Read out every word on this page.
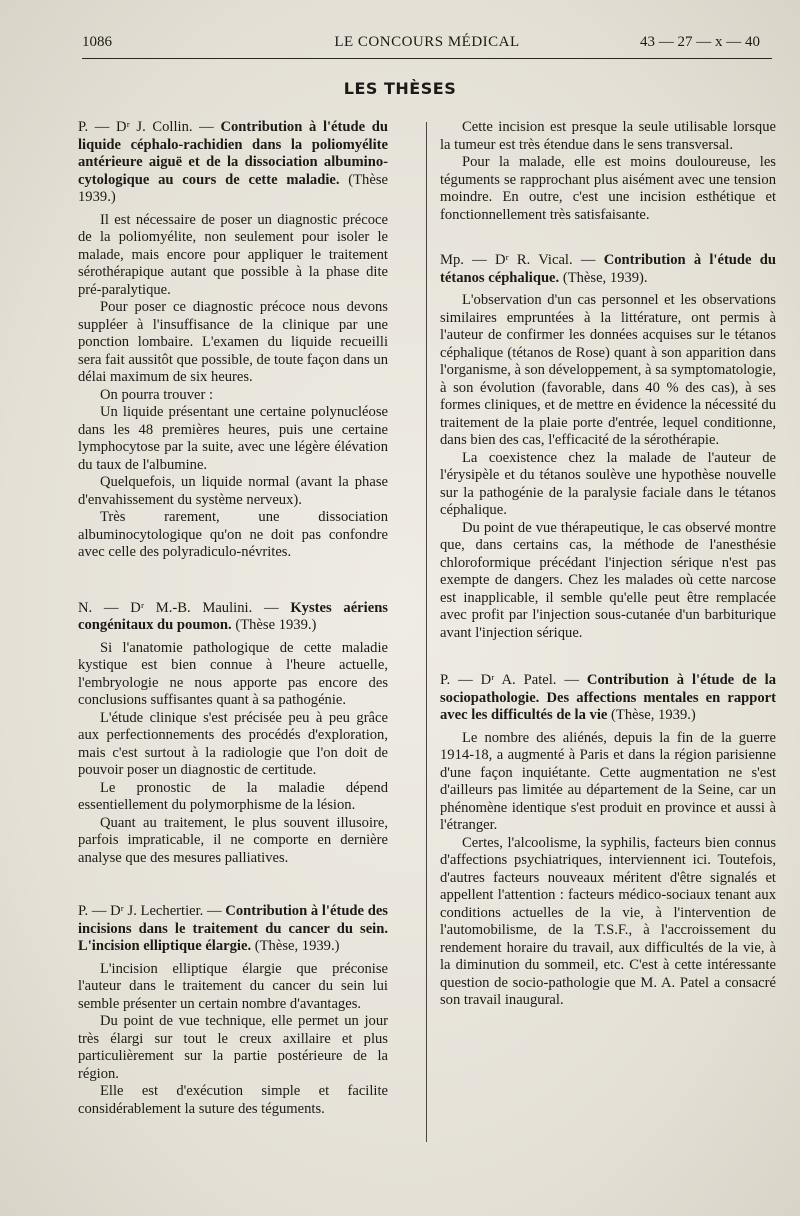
1086	LE CONCOURS MÉDICAL	43 — 27 — x — 40
LES THÈSES
P. — Dʳ J. Collin. — Contribution à l'étude du liquide céphalo-rachidien dans la poliomyélite antérieure aiguë et de la dissociation albumino-cytologique au cours de cette maladie. (Thèse 1939.)

Il est nécessaire de poser un diagnostic précoce de la poliomyélite, non seulement pour isoler le malade, mais encore pour appliquer le traitement sérothérapique autant que possible à la phase dite pré-paralytique.

Pour poser ce diagnostic précoce nous devons suppléer à l'insuffisance de la clinique par une ponction lombaire. L'examen du liquide recueilli sera fait aussitôt que possible, de toute façon dans un délai maximum de six heures.

On pourra trouver :

Un liquide présentant une certaine polynucléose dans les 48 premières heures, puis une certaine lymphocytose par la suite, avec une légère élévation du taux de l'albumine.

Quelquefois, un liquide normal (avant la phase d'envahissement du système nerveux).

Très rarement, une dissociation albuminocytologique qu'on ne doit pas confondre avec celle des polyradiculo-névrites.

N. — Dʳ M.-B. Maulini. — Kystes aériens congénitaux du poumon. (Thèse 1939.)

Si l'anatomie pathologique de cette maladie kystique est bien connue à l'heure actuelle, l'embryologie ne nous apporte pas encore des conclusions suffisantes quant à sa pathogénie.

L'étude clinique s'est précisée peu à peu grâce aux perfectionnements des procédés d'exploration, mais c'est surtout à la radiologie que l'on doit de pouvoir poser un diagnostic de certitude.

Le pronostic de la maladie dépend essentiellement du polymorphisme de la lésion.

Quant au traitement, le plus souvent illusoire, parfois impraticable, il ne comporte en dernière analyse que des mesures palliatives.

P. — Dʳ J. Lechertier. — Contribution à l'étude des incisions dans le traitement du cancer du sein. L'incision elliptique élargie. (Thèse, 1939.)

L'incision elliptique élargie que préconise l'auteur dans le traitement du cancer du sein lui semble présenter un certain nombre d'avantages.

Du point de vue technique, elle permet un jour très élargi sur tout le creux axillaire et plus particulièrement sur la partie postérieure de la région.

Elle est d'exécution simple et facilite considérablement la suture des téguments.

Cette incision est presque la seule utilisable lorsque la tumeur est très étendue dans le sens transversal.

Pour la malade, elle est moins douloureuse, les téguments se rapprochant plus aisément avec une tension moindre. En outre, c'est une incision esthétique et fonctionnellement très satisfaisante.

Mp. — Dʳ R. Vical. — Contribution à l'étude du tétanos céphalique. (Thèse, 1939).

L'observation d'un cas personnel et les observations similaires empruntées à la littérature, ont permis à l'auteur de confirmer les données acquises sur le tétanos céphalique (tétanos de Rose) quant à son apparition dans l'organisme, à son développement, à sa symptomatologie, à son évolution (favorable, dans 40 % des cas), à ses formes cliniques, et de mettre en évidence la nécessité du traitement de la plaie porte d'entrée, lequel conditionne, dans bien des cas, l'efficacité de la sérothérapie.

La coexistence chez la malade de l'auteur de l'érysipèle et du tétanos soulève une hypothèse nouvelle sur la pathogénie de la paralysie faciale dans le tétanos céphalique.

Du point de vue thérapeutique, le cas observé montre que, dans certains cas, la méthode de l'anesthésie chloroformique précédant l'injection sérique n'est pas exempte de dangers. Chez les malades où cette narcose est inapplicable, il semble qu'elle peut être remplacée avec profit par l'injection sous-cutanée d'un barbiturique avant l'injection sérique.

P. — Dʳ A. Patel. — Contribution à l'étude de la sociopathologie. Des affections mentales en rapport avec les difficultés de la vie (Thèse, 1939.)

Le nombre des aliénés, depuis la fin de la guerre 1914-18, a augmenté à Paris et dans la région parisienne d'une façon inquiétante. Cette augmentation ne s'est d'ailleurs pas limitée au département de la Seine, car un phénomène identique s'est produit en province et aussi à l'étranger.

Certes, l'alcoolisme, la syphilis, facteurs bien connus d'affections psychiatriques, interviennent ici. Toutefois, d'autres facteurs nouveaux méritent d'être signalés et appellent l'attention : facteurs médico-sociaux tenant aux conditions actuelles de la vie, à l'intervention de l'automobilisme, de la T.S.F., à l'accroissement du rendement horaire du travail, aux difficultés de la vie, à la diminution du sommeil, etc. C'est à cette intéressante question de socio-pathologie que M. A. Patel a consacré son travail inaugural.
